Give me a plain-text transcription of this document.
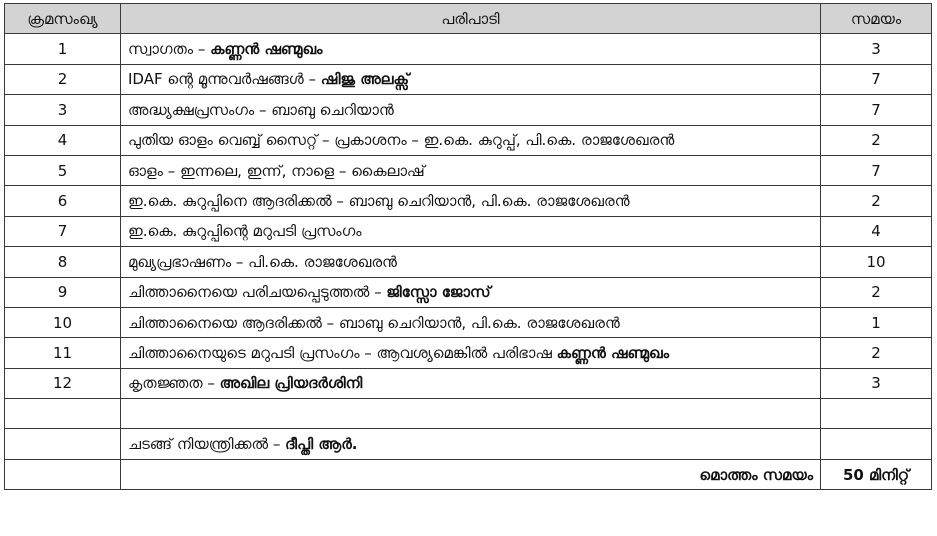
ക്രമസംഖ്യ	പരിപാടി	സമയം
1	സ്വാഗതം – കണ്ണൻ ഷണ്മുഖം	3
2	IDAF ന്റെ മൂന്നുവർഷങ്ങൾ – ഷിജു അലക്സ്	7
3	അദ്ധ്യക്ഷപ്രസംഗം – ബാബു ചെറിയാൻ	7
4	പുതിയ ഓളം വെബ്ബ് സൈറ്റ് – പ്രകാശനം – ഇ.കെ. കുറുപ്പ്, പി.കെ. രാജശേഖരൻ	2
5	ഓളം – ഇന്നലെ, ഇന്ന്, നാളെ – കൈലാഷ്	7
6	ഇ.കെ. കുറുപ്പിനെ ആദരിക്കൽ – ബാബു ചെറിയാൻ, പി.കെ. രാജശേഖരൻ	2
7	ഇ.കെ. കുറുപ്പിന്റെ മറുപടി പ്രസംഗം	4
8	മുഖ്യപ്രഭാഷണം – പി.കെ. രാജശേഖരൻ	10
9	ചിത്താനൈയെ പരിചയപ്പെടുത്തൽ – ജിസ്സോ ജോസ്	2
10	ചിത്താനൈയെ ആദരിക്കൽ – ബാബു ചെറിയാൻ, പി.കെ. രാജശേഖരൻ	1
11	ചിത്താനൈയുടെ മറുപടി പ്രസംഗം – ആവശ്യമെങ്കിൽ പരിഭാഷ കണ്ണൻ ഷണ്മുഖം	2
12	കൃതജ്ഞത – അഖില പ്രിയദർശിനി	3

	ചടങ്ങ് നിയന്ത്രിക്കൽ – ദീപ്തി ആർ.	
	മൊത്തം സമയം	50 മിനിറ്റ്
